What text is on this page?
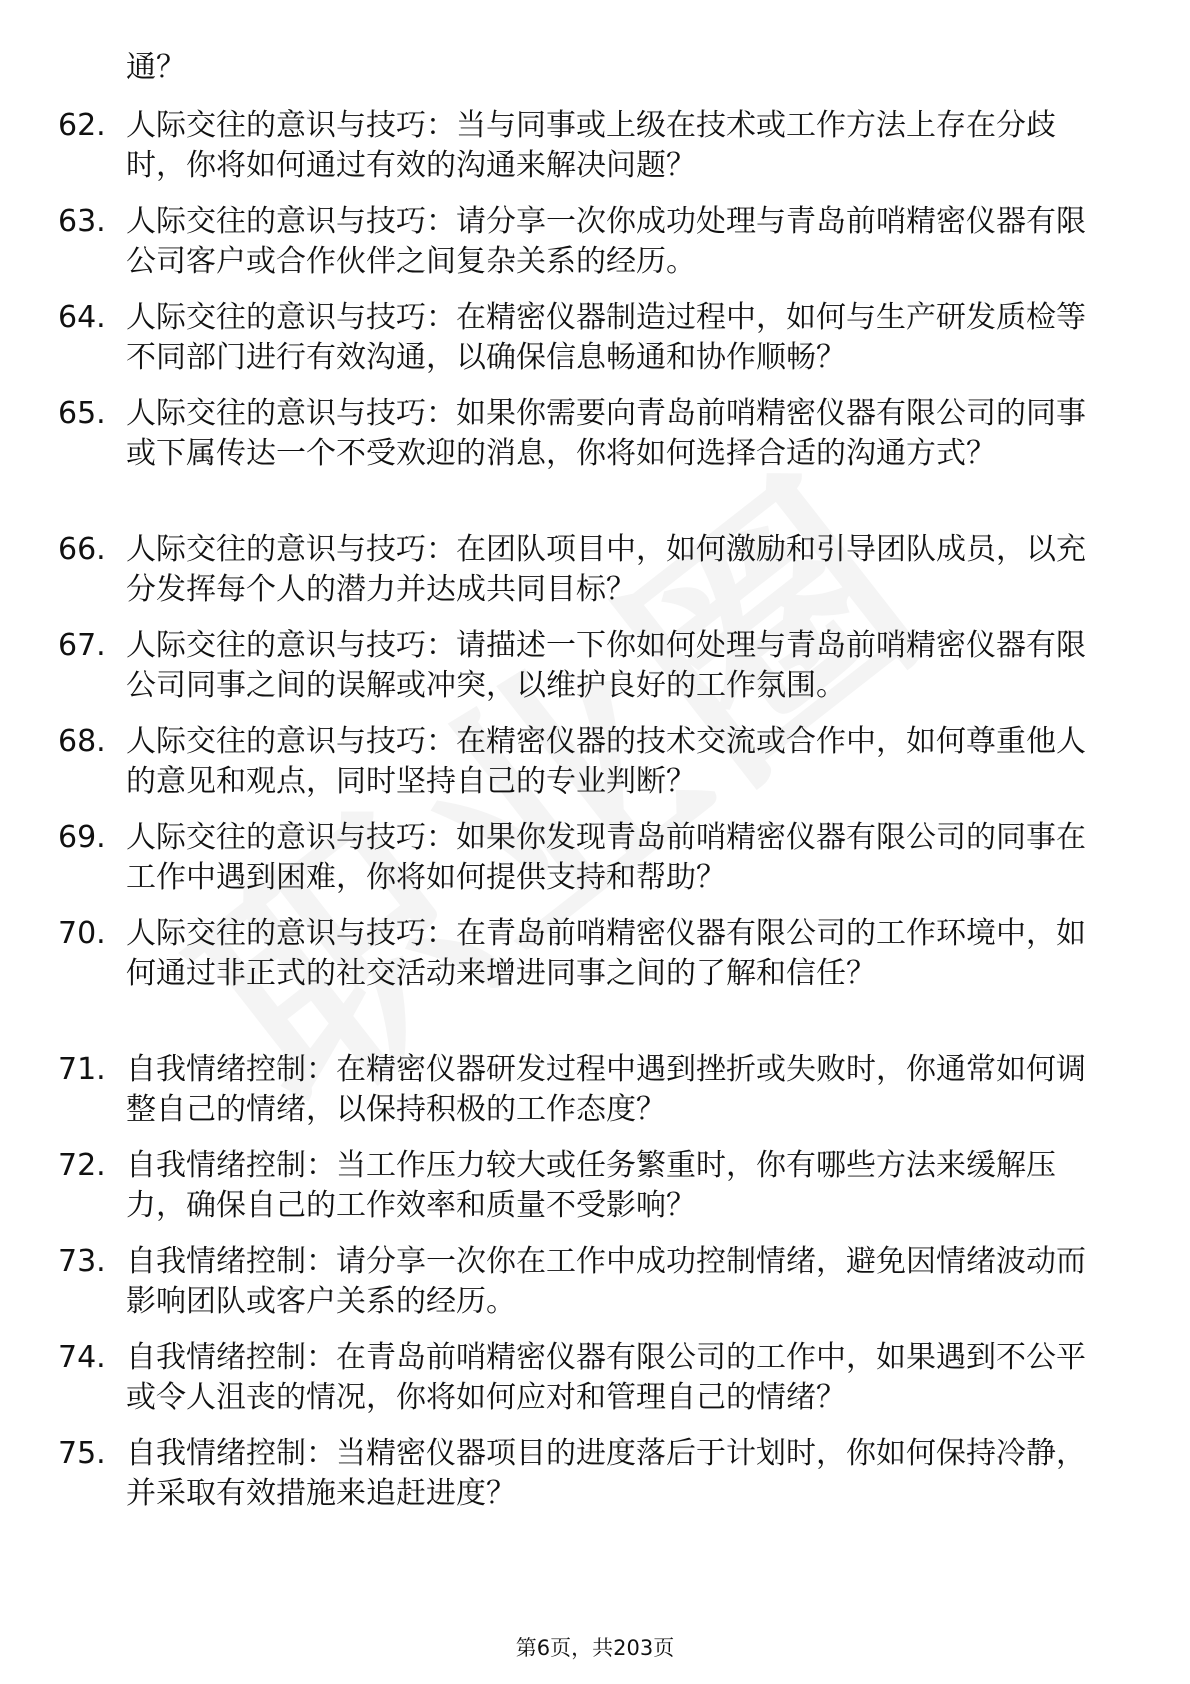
通？
62. 人际交往的意识与技巧：当与同事或上级在技术或工作方法上存在分歧时，你将如何通过有效的沟通来解决问题？
63. 人际交往的意识与技巧：请分享一次你成功处理与青岛前哨精密仪器有限公司客户或合作伙伴之间复杂关系的经历。
64. 人际交往的意识与技巧：在精密仪器制造过程中，如何与生产研发质检等不同部门进行有效沟通，以确保信息畅通和协作顺畅？
65. 人际交往的意识与技巧：如果你需要向青岛前哨精密仪器有限公司的同事或下属传达一个不受欢迎的消息，你将如何选择合适的沟通方式？
66. 人际交往的意识与技巧：在团队项目中，如何激励和引导团队成员，以充分发挥每个人的潜力并达成共同目标？
67. 人际交往的意识与技巧：请描述一下你如何处理与青岛前哨精密仪器有限公司同事之间的误解或冲突，以维护良好的工作氛围。
68. 人际交往的意识与技巧：在精密仪器的技术交流或合作中，如何尊重他人的意见和观点，同时坚持自己的专业判断？
69. 人际交往的意识与技巧：如果你发现青岛前哨精密仪器有限公司的同事在工作中遇到困难，你将如何提供支持和帮助？
70. 人际交往的意识与技巧：在青岛前哨精密仪器有限公司的工作环境中，如何通过非正式的社交活动来增进同事之间的了解和信任？
71. 自我情绪控制：在精密仪器研发过程中遇到挫折或失败时，你通常如何调整自己的情绪，以保持积极的工作态度？
72. 自我情绪控制：当工作压力较大或任务繁重时，你有哪些方法来缓解压力，确保自己的工作效率和质量不受影响？
73. 自我情绪控制：请分享一次你在工作中成功控制情绪，避免因情绪波动而影响团队或客户关系的经历。
74. 自我情绪控制：在青岛前哨精密仪器有限公司的工作中，如果遇到不公平或令人沮丧的情况，你将如何应对和管理自己的情绪？
75. 自我情绪控制：当精密仪器项目的进度落后于计划时，你如何保持冷静，并采取有效措施来追赶进度？
第6页，共203页
